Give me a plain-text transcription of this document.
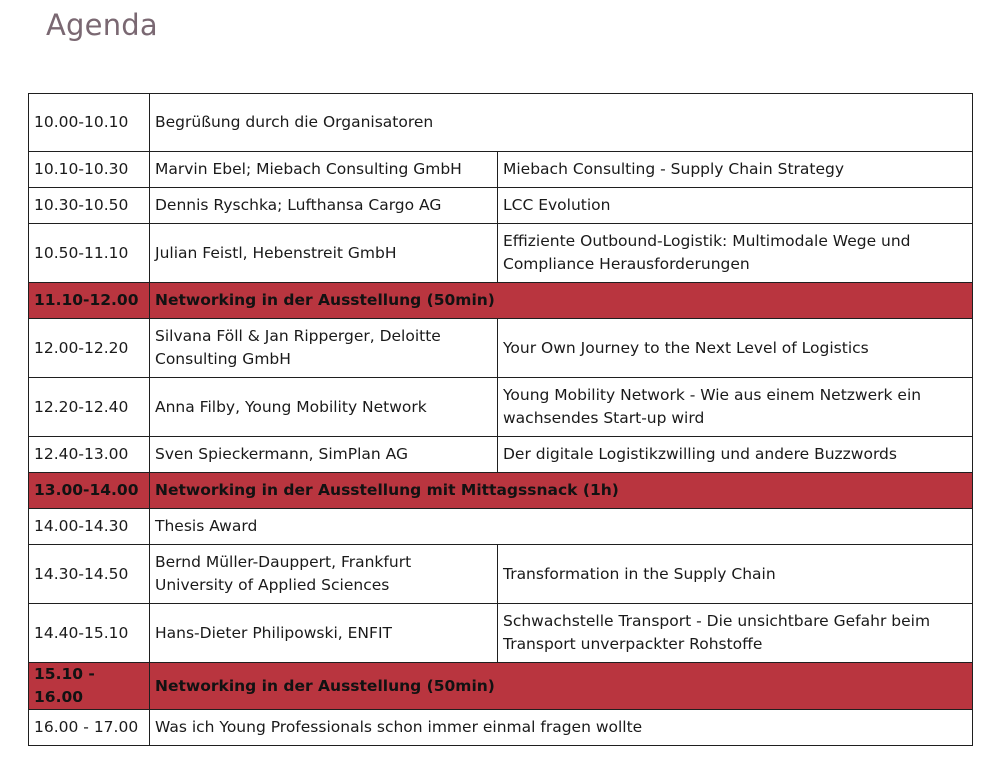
Agenda
10.00-10.10	Begrüßung durch die Organisatoren	
10.10-10.30	Marvin Ebel; Miebach Consulting GmbH	Miebach Consulting - Supply Chain Strategy
10.30-10.50	Dennis Ryschka; Lufthansa Cargo AG	LCC Evolution
10.50-11.10	Julian Feistl, Hebenstreit GmbH	Effiziente Outbound-Logistik: Multimodale Wege und Compliance Herausforderungen
11.10-12.00	Networking in der Ausstellung (50min)	
12.00-12.20	Silvana Föll & Jan Ripperger, Deloitte Consulting GmbH	Your Own Journey to the Next Level of Logistics
12.20-12.40	Anna Filby, Young Mobility Network	Young Mobility Network - Wie aus einem Netzwerk ein wachsendes Start-up wird
12.40-13.00	Sven Spieckermann, SimPlan AG	Der digitale Logistikzwilling und andere Buzzwords
13.00-14.00	Networking in der Ausstellung mit Mittagssnack (1h)	
14.00-14.30	Thesis Award	
14.30-14.50	Bernd Müller-Dauppert, Frankfurt University of Applied Sciences	Transformation in the Supply Chain
14.40-15.10	Hans-Dieter Philipowski, ENFIT	Schwachstelle Transport - Die unsichtbare Gefahr beim Transport unverpackter Rohstoffe
15.10 - 16.00	Networking in der Ausstellung (50min)	
16.00 - 17.00	Was ich Young Professionals schon immer einmal fragen wollte	
